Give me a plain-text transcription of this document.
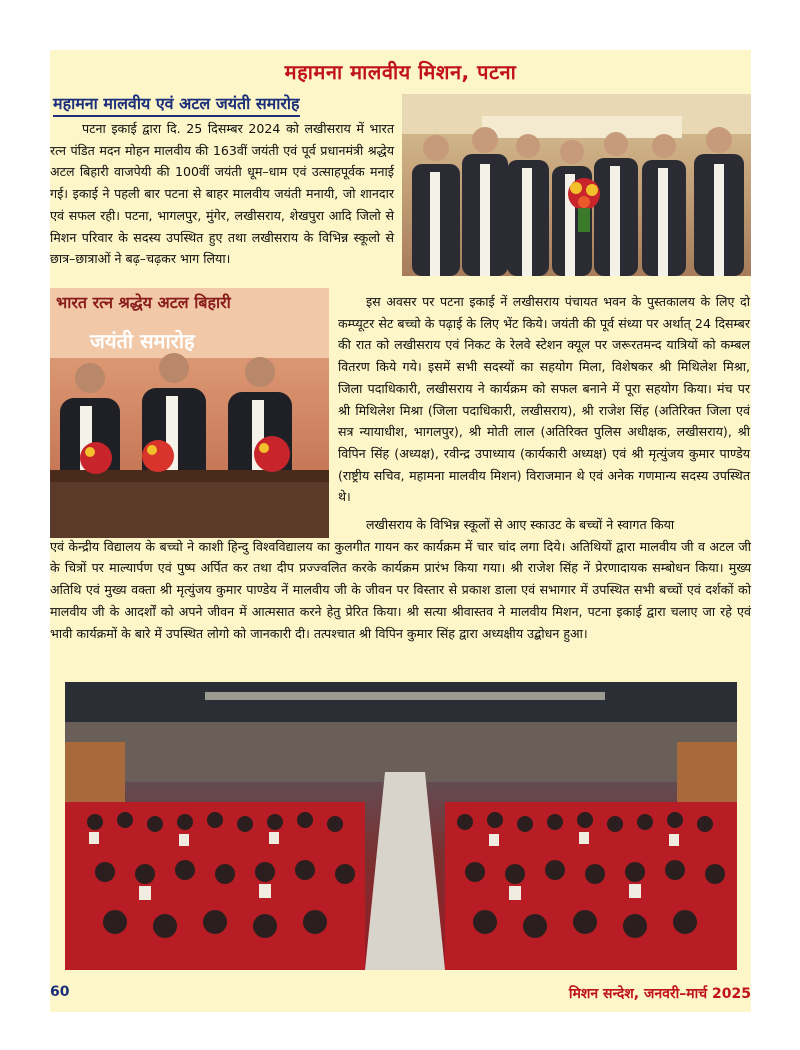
महामना मालवीय मिशन, पटना
महामना मालवीय एवं अटल जयंती समारोह
भारत रत्न श्रद्धेय अटल बिहारी
जयंती समारोह

पटना इकाई द्वारा दि. 25 दिसम्बर 2024 को लखीसराय में भारत रत्न पंडित मदन मोहन मालवीय की 163वीं जयंती एवं पूर्व प्रधानमंत्री श्रद्धेय अटल बिहारी वाजपेयी की 100वीं जयंती धूम–धाम एवं उत्साहपूर्वक मनाई गई। इकाई ने पहली बार पटना से बाहर मालवीय जयंती मनायी, जो शानदार एवं सफल रही। पटना, भागलपुर, मुंगेर, लखीसराय, शेखपुरा आदि जिलो से मिशन परिवार के सदस्य उपस्थित हुए तथा लखीसराय के विभिन्न स्कूलो से छात्र–छात्राओं ने बढ़–चढ़कर भाग लिया।

इस अवसर पर पटना इकाई नें लखीसराय पंचायत भवन के पुस्तकालय के लिए दो कम्प्यूटर सेट बच्चो के पढ़ाई के लिए भेंट किये। जयंती की पूर्व संध्या पर अर्थात् 24 दिसम्बर की रात को लखीसराय एवं निकट के रेलवे स्टेशन क्यूल पर जरूरतमन्द यात्रियों को कम्बल वितरण किये गये। इसमें सभी सदस्यों का सहयोग मिला, विशेषकर श्री मिथिलेश मिश्रा, जिला पदाधिकारी, लखीसराय ने कार्यक्रम को सफल बनाने में पूरा सहयोग किया। मंच पर श्री मिथिलेश मिश्रा (जिला पदाधिकारी, लखीसराय), श्री राजेश सिंह (अतिरिक्त जिला एवं सत्र न्यायाधीश, भागलपुर), श्री मोती लाल (अतिरिक्त पुलिस अधीक्षक, लखीसराय), श्री विपिन सिंह (अध्यक्ष), रवीन्द्र उपाध्याय (कार्यकारी अध्यक्ष) एवं श्री मृत्युंजय कुमार पाण्डेय (राष्ट्रीय सचिव, महामना मालवीय मिशन) विराजमान थे एवं अनेक गणमान्य सदस्य उपस्थित थे।

लखीसराय के विभिन्न स्कूलों से आए स्काउट के बच्चों ने स्वागत किया
एवं केन्द्रीय विद्यालय के बच्चो ने काशी हिन्दु विश्वविद्यालय का कुलगीत गायन कर कार्यक्रम में चार चांद लगा दिये। अतिथियों द्वारा मालवीय जी व अटल जी के चित्रों पर माल्यार्पण एवं पुष्प अर्पित कर तथा दीप प्रज्ज्वलित करके कार्यक्रम प्रारंभ किया गया। श्री राजेश सिंह नें प्रेरणादायक सम्बोधन किया। मुख्य अतिथि एवं मुख्य वक्ता श्री मृत्युंजय कुमार पाण्डेय नें मालवीय जी के जीवन पर विस्तार से प्रकाश डाला एवं सभागार में उपस्थित सभी बच्चों एवं दर्शकों को मालवीय जी के आदर्शों को अपने जीवन में आत्मसात करने हेतु प्रेरित किया। श्री सत्या श्रीवास्तव ने मालवीय मिशन, पटना इकाई द्वारा चलाए जा रहे एवं भावी कार्यक्रमों के बारे में उपस्थित लोगो को जानकारी दी। तत्पश्चात श्री विपिन कुमार सिंह द्वारा अध्यक्षीय उद्बोधन हुआ।

60	मिशन सन्देश, जनवरी–मार्च 2025
